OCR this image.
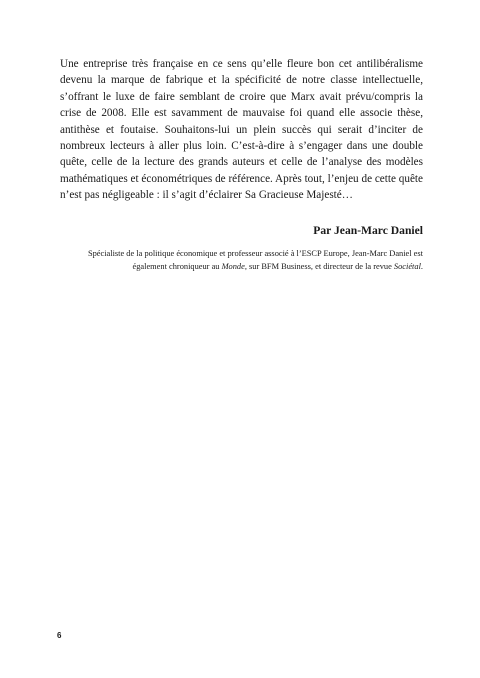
Une entreprise très française en ce sens qu’elle fleure bon cet antilibéralisme devenu la marque de fabrique et la spécificité de notre classe intellectuelle, s’offrant le luxe de faire semblant de croire que Marx avait prévu/compris la crise de 2008. Elle est savamment de mauvaise foi quand elle associe thèse, antithèse et foutaise. Souhaitons-lui un plein succès qui serait d’inciter de nombreux lecteurs à aller plus loin. C’est-à-dire à s’engager dans une double quête, celle de la lecture des grands auteurs et celle de l’analyse des modèles mathématiques et économétriques de référence. Après tout, l’enjeu de cette quête n’est pas négligeable : il s’agit d’éclairer Sa Gracieuse Majesté…

Par Jean-Marc Daniel

Spécialiste de la politique économique et professeur associé à l’ESCP Europe, Jean-Marc Daniel est également chroniqueur au Monde, sur BFM Business, et directeur de la revue Sociétal.

6
